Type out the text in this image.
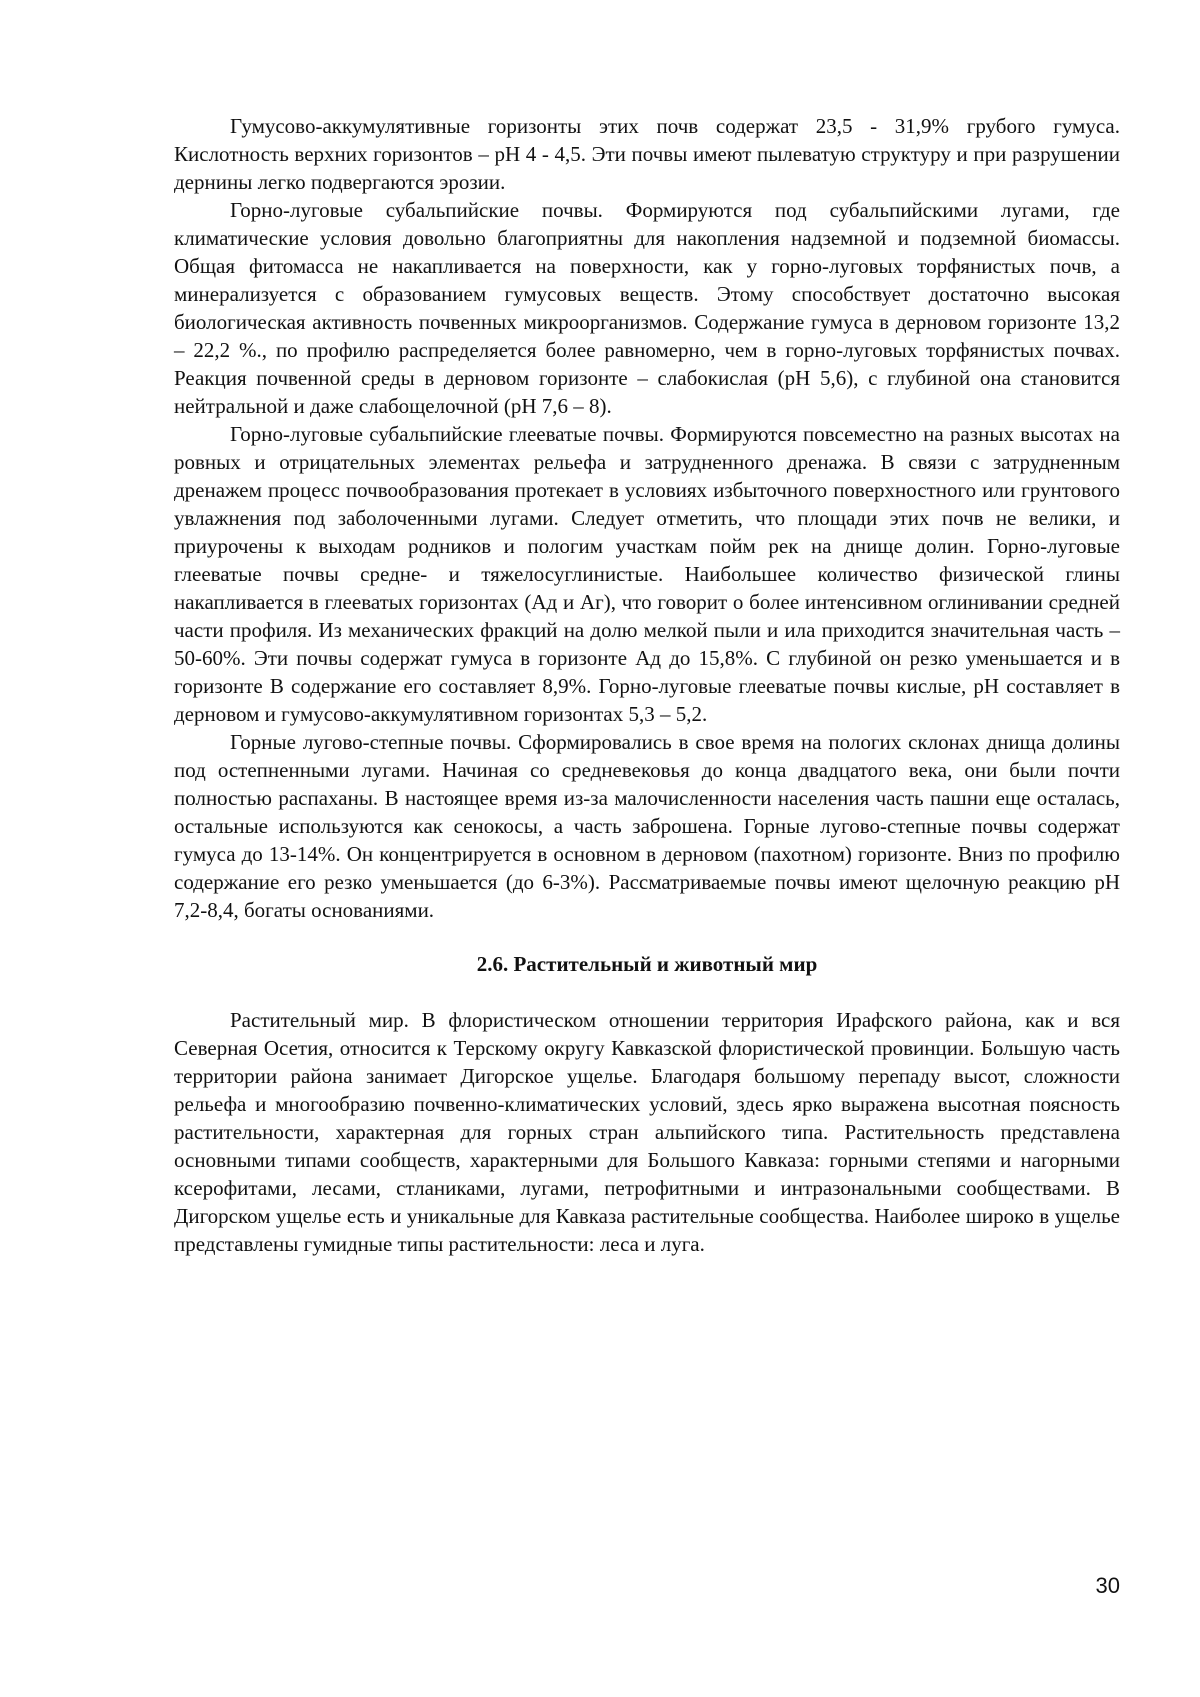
Гумусово-аккумулятивные горизонты этих почв содержат 23,5 - 31,9% грубого гумуса. Кислотность верхних горизонтов – pH 4 - 4,5. Эти почвы имеют пылеватую структуру и при разрушении дернины легко подвергаются эрозии.

Горно-луговые субальпийские почвы. Формируются под субальпийскими лугами, где климатические условия довольно благоприятны для накопления надземной и подземной биомассы. Общая фитомасса не накапливается на поверхности, как у горно-луговых торфянистых почв, а минерализуется с образованием гумусовых веществ. Этому способствует достаточно высокая биологическая активность почвенных микроорганизмов. Содержание гумуса в дерновом горизонте 13,2 – 22,2 %., по профилю распределяется более равномерно, чем в горно-луговых торфянистых почвах. Реакция почвенной среды в дерновом горизонте – слабокислая (pH 5,6), с глубиной она становится нейтральной и даже слабощелочной (pH 7,6 – 8).

Горно-луговые субальпийские глееватые почвы. Формируются повсеместно на разных высотах на ровных и отрицательных элементах рельефа и затрудненного дренажа. В связи с затрудненным дренажем процесс почвообразования протекает в условиях избыточного поверхностного или грунтового увлажнения под заболоченными лугами. Следует отметить, что площади этих почв не велики, и приурочены к выходам родников и пологим участкам пойм рек на днище долин. Горно-луговые глееватые почвы средне- и тяжелосуглинистые. Наибольшее количество физической глины накапливается в глееватых горизонтах (Ад и Аг), что говорит о более интенсивном оглинивании средней части профиля. Из механических фракций на долю мелкой пыли и ила приходится значительная часть – 50-60%. Эти почвы содержат гумуса в горизонте Ад до 15,8%. С глубиной он резко уменьшается и в горизонте В содержание его составляет 8,9%. Горно-луговые глееватые почвы кислые, pH составляет в дерновом и гумусово-аккумулятивном горизонтах 5,3 – 5,2.

Горные лугово-степные почвы. Сформировались в свое время на пологих склонах днища долины под остепненными лугами. Начиная со средневековья до конца двадцатого века, они были почти полностью распаханы. В настоящее время из-за малочисленности населения часть пашни еще осталась, остальные используются как сенокосы, а часть заброшена. Горные лугово-степные почвы содержат гумуса до 13-14%. Он концентрируется в основном в дерновом (пахотном) горизонте. Вниз по профилю содержание его резко уменьшается (до 6-3%). Рассматриваемые почвы имеют щелочную реакцию pH 7,2-8,4, богаты основаниями.

2.6. Растительный и животный мир

Растительный мир. В флористическом отношении территория Ирафского района, как и вся Северная Осетия, относится к Терскому округу Кавказской флористической провинции. Большую часть территории района занимает Дигорское ущелье. Благодаря большому перепаду высот, сложности рельефа и многообразию почвенно-климатических условий, здесь ярко выражена высотная поясность растительности, характерная для горных стран альпийского типа. Растительность представлена основными типами сообществ, характерными для Большого Кавказа: горными степями и нагорными ксерофитами, лесами, стланиками, лугами, петрофитными и интразональными сообществами. В Дигорском ущелье есть и уникальные для Кавказа растительные сообщества. Наиболее широко в ущелье представлены гумидные типы растительности: леса и луга.

30
